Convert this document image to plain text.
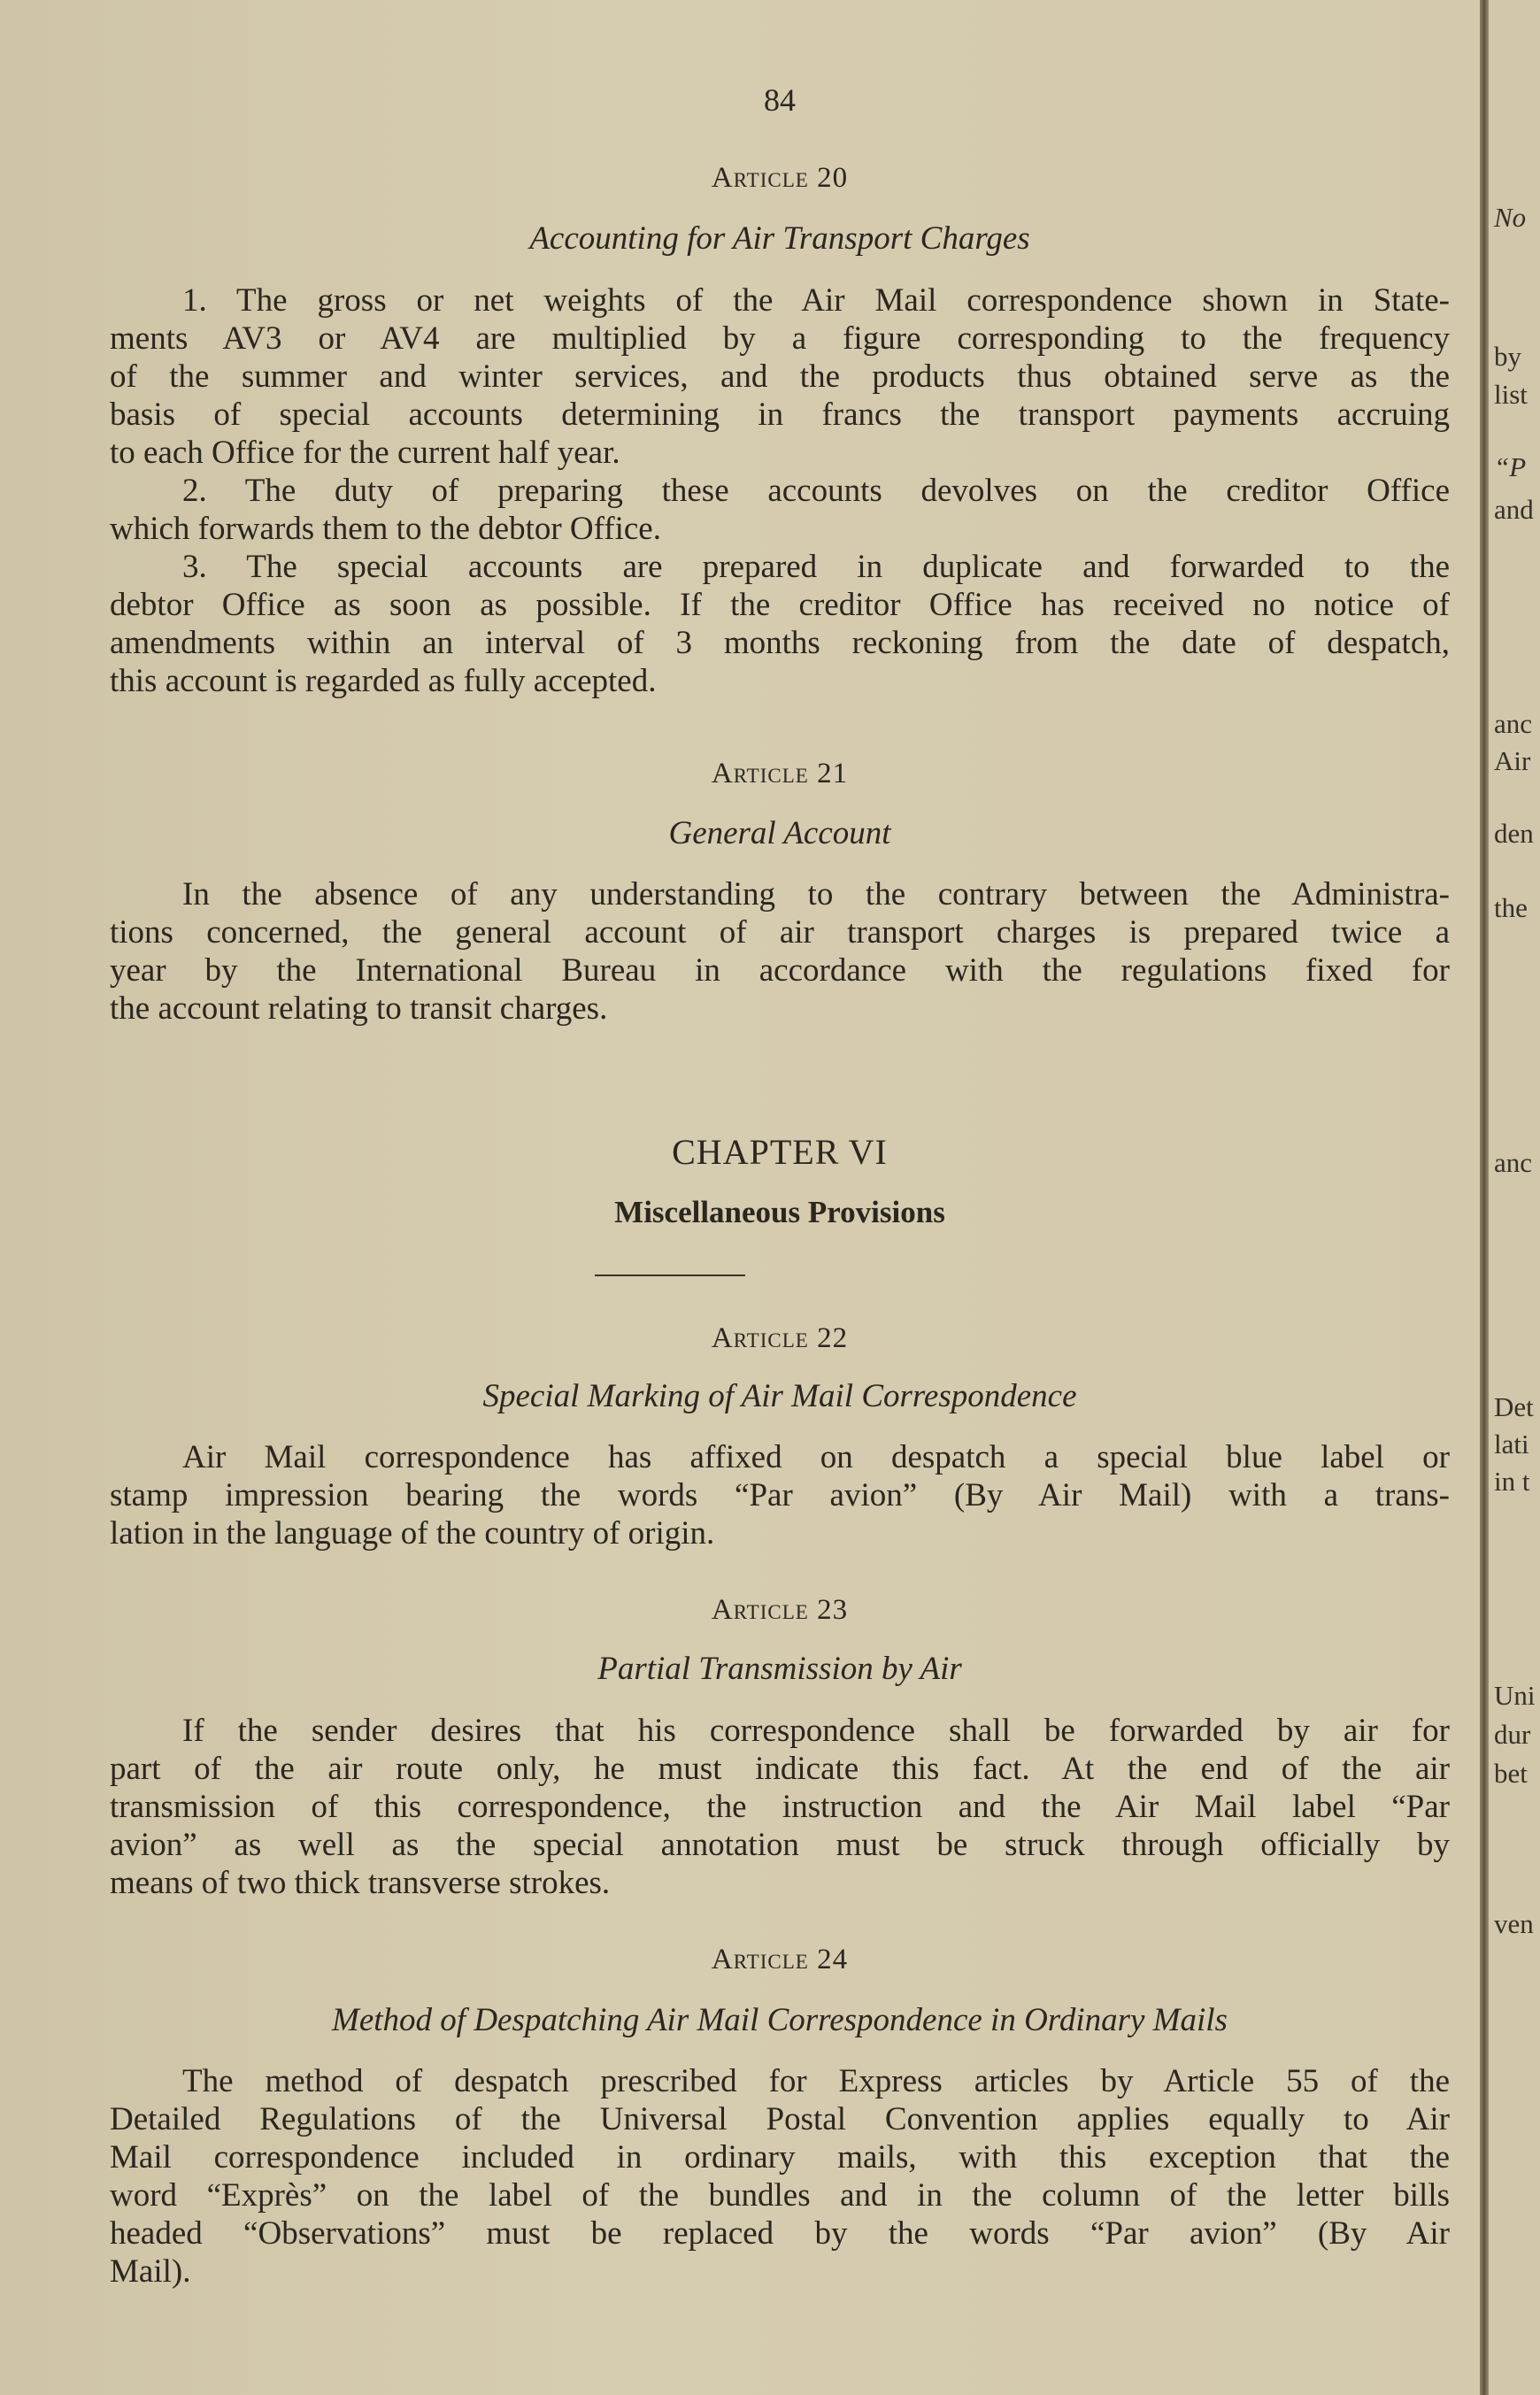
84
Article 20
Accounting for Air Transport Charges
1. The gross or net weights of the Air Mail correspondence shown in State-
ments AV3 or AV4 are multiplied by a figure corresponding to the frequency
of the summer and winter services, and the products thus obtained serve as the
basis of special accounts determining in francs the transport payments accruing
to each Office for the current half year.
2. The duty of preparing these accounts devolves on the creditor Office
which forwards them to the debtor Office.
3. The special accounts are prepared in duplicate and forwarded to the
debtor Office as soon as possible. If the creditor Office has received no notice of
amendments within an interval of 3 months reckoning from the date of despatch,
this account is regarded as fully accepted.
Article 21
General Account
In the absence of any understanding to the contrary between the Administra-
tions concerned, the general account of air transport charges is prepared twice a
year by the International Bureau in accordance with the regulations fixed for
the account relating to transit charges.
CHAPTER VI
Miscellaneous Provisions
Article 22
Special Marking of Air Mail Correspondence
Air Mail correspondence has affixed on despatch a special blue label or
stamp impression bearing the words “Par avion” (By Air Mail) with a trans-
lation in the language of the country of origin.
Article 23
Partial Transmission by Air
If the sender desires that his correspondence shall be forwarded by air for
part of the air route only, he must indicate this fact. At the end of the air
transmission of this correspondence, the instruction and the Air Mail label “Par
avion” as well as the special annotation must be struck through officially by
means of two thick transverse strokes.
Article 24
Method of Despatching Air Mail Correspondence in Ordinary Mails
The method of despatch prescribed for Express articles by Article 55 of the
Detailed Regulations of the Universal Postal Convention applies equally to Air
Mail correspondence included in ordinary mails, with this exception that the
word “Exprès” on the label of the bundles and in the column of the letter bills
headed “Observations” must be replaced by the words “Par avion” (By Air
Mail).
No
by
list
“P
and
anc
Air
den
the
anc
Det
lati
in t
Uni
dur
bet
ven
